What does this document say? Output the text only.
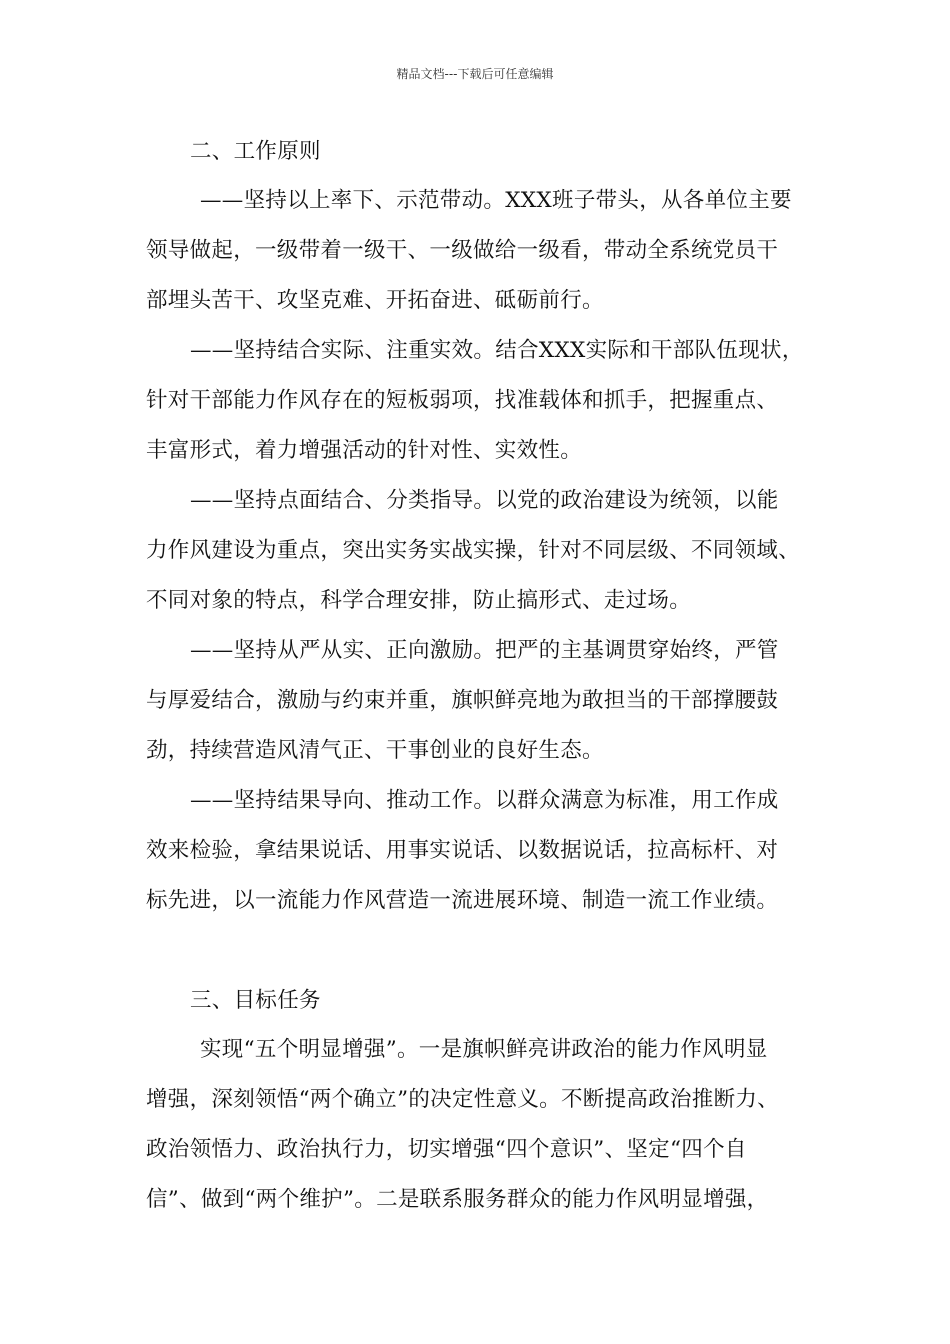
精品文档---下载后可任意编辑
二、工作原则
——坚持以上率下、示范带动。XXX班子带头，从各单位主要
领导做起，一级带着一级干、一级做给一级看，带动全系统党员干
部埋头苦干、攻坚克难、开拓奋进、砥砺前行。
——坚持结合实际、注重实效。结合XXX实际和干部队伍现状，
针对干部能力作风存在的短板弱项，找准载体和抓手，把握重点、
丰富形式，着力增强活动的针对性、实效性。
——坚持点面结合、分类指导。以党的政治建设为统领，以能
力作风建设为重点，突出实务实战实操，针对不同层级、不同领域、
不同对象的特点，科学合理安排，防止搞形式、走过场。
——坚持从严从实、正向激励。把严的主基调贯穿始终，严管
与厚爱结合，激励与约束并重，旗帜鲜亮地为敢担当的干部撑腰鼓
劲，持续营造风清气正、干事创业的良好生态。
——坚持结果导向、推动工作。以群众满意为标准，用工作成
效来检验，拿结果说话、用事实说话、以数据说话，拉高标杆、对
标先进，以一流能力作风营造一流进展环境、制造一流工作业绩。
三、目标任务
实现“五个明显增强”。一是旗帜鲜亮讲政治的能力作风明显
增强，深刻领悟“两个确立”的决定性意义。不断提高政治推断力、
政治领悟力、政治执行力，切实增强“四个意识”、坚定“四个自
信”、做到“两个维护”。二是联系服务群众的能力作风明显增强，
